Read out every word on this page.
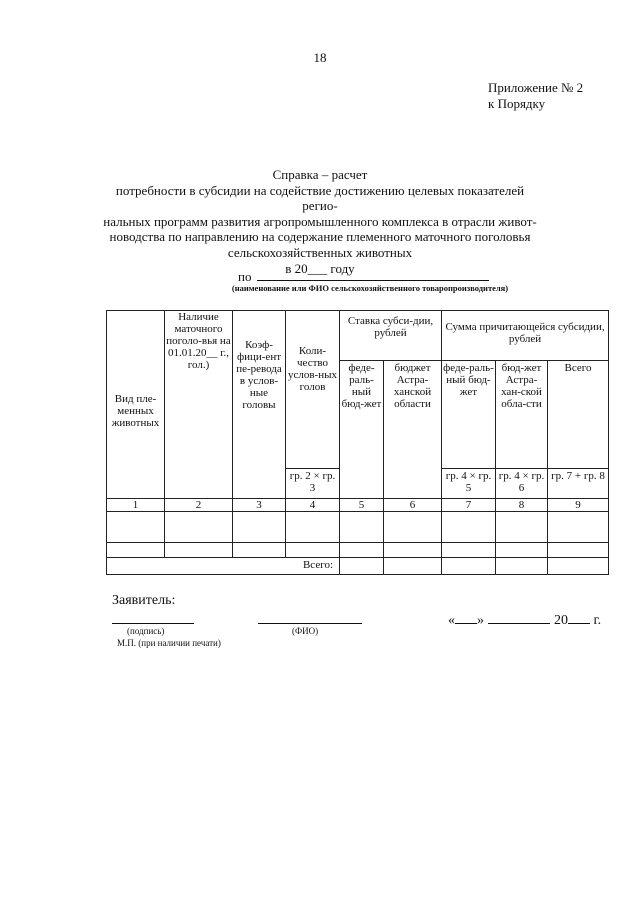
18
Приложение № 2
к Порядку
Справка – расчет
потребности в субсидии на содействие достижению целевых показателей регио-
нальных программ развития агропромышленного комплекса в отрасли живот-
новодства по направлению на содержание племенного маточного поголовья
сельскохозяйственных животных
в 20___ году
по
(наименование или ФИО сельскохозяйственного товаропроизводителя)
Вид пле-менных животных	Наличие маточного поголо-вья на 01.01.20__ г., гол.)	Коэф-фици-ент пе-ревода в услов-ные головы	Коли-чество услов-ных голов	Ставка субси-дии, рублей		Сумма причитающейся субсидии, рублей		
				феде-раль-ный бюд-жет	бюджет Астра-ханской области	феде-раль-ный бюд-жет	бюд-жет Астра-хан-ской обла-сти	Всего
			гр. 2 × гр. 3			гр. 4 × гр. 5	гр. 4 × гр. 6	гр. 7 + гр. 8
1	2	3	4	5	6	7	8	9

Всего:								
Заявитель:
(подпись)	(ФИО)
М.П. (при наличии печати)
« »	20 г.
